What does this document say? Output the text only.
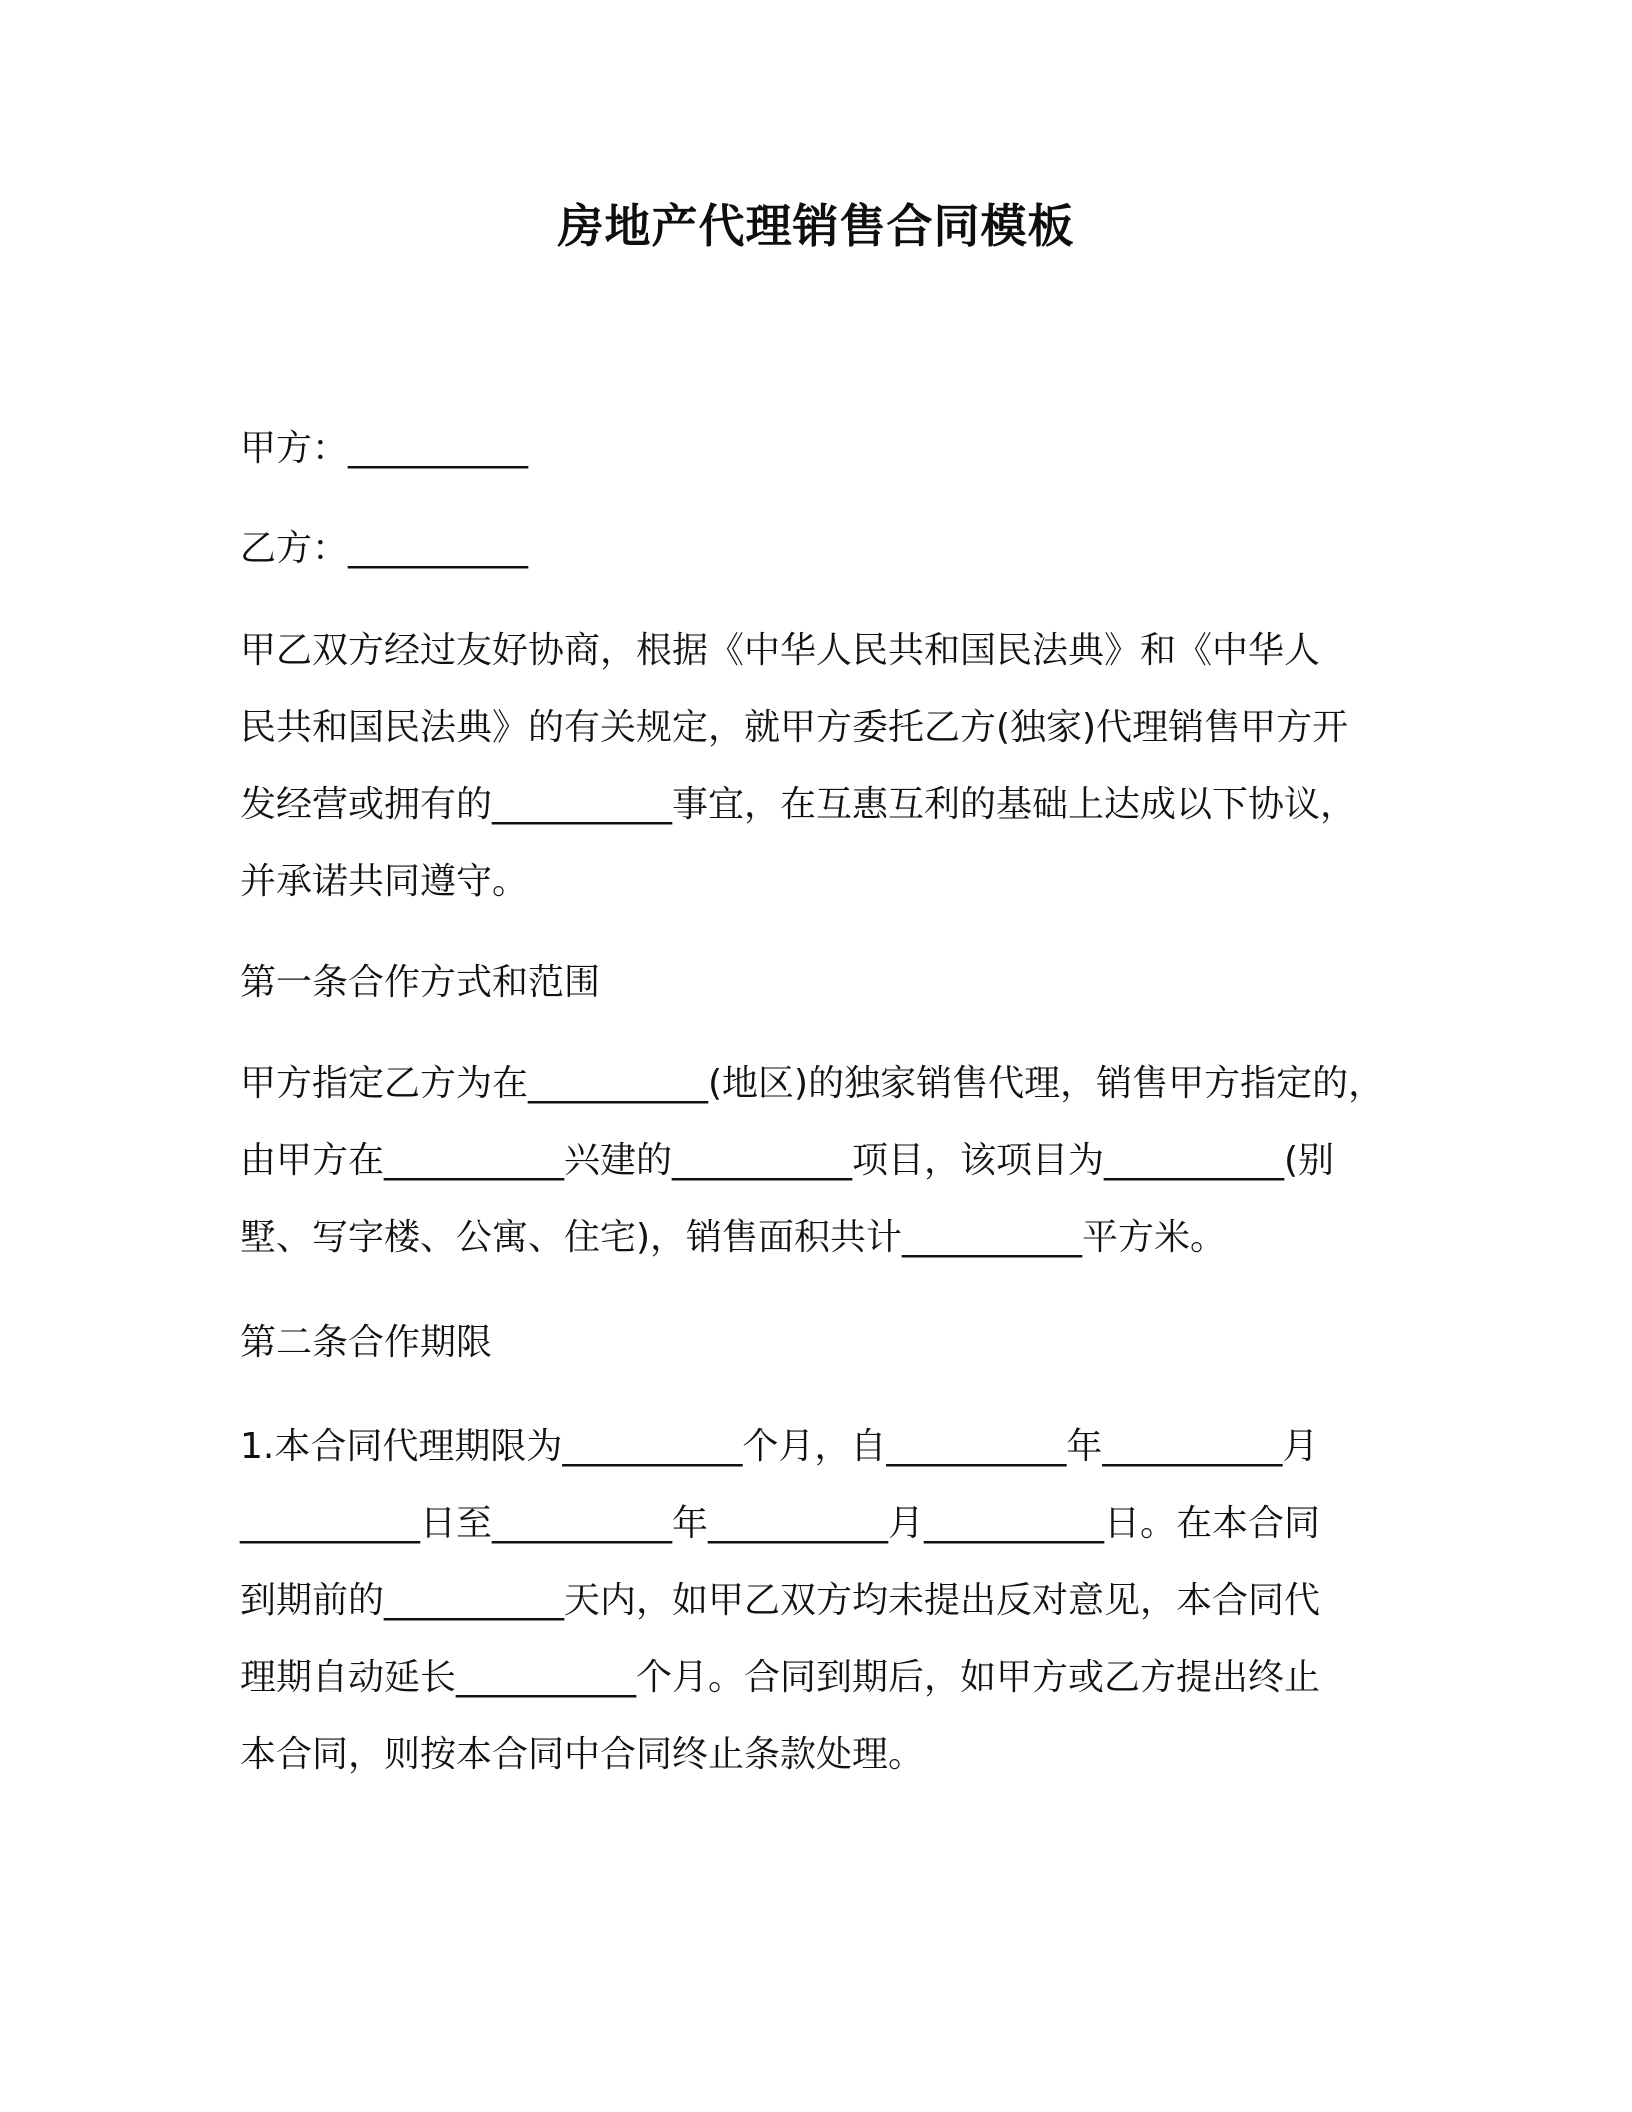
房地产代理销售合同模板
甲方：__________
乙方：__________
甲乙双方经过友好协商，根据《中华人民共和国民法典》和《中华人
民共和国民法典》的有关规定，就甲方委托乙方(独家)代理销售甲方开
发经营或拥有的__________事宜，在互惠互利的基础上达成以下协议，
并承诺共同遵守。
第一条合作方式和范围
甲方指定乙方为在__________(地区)的独家销售代理，销售甲方指定的，
由甲方在__________兴建的__________项目，该项目为__________(别
墅、写字楼、公寓、住宅)，销售面积共计__________平方米。
第二条合作期限
1.本合同代理期限为__________个月，自__________年__________月
__________日至__________年__________月__________日。在本合同
到期前的__________天内，如甲乙双方均未提出反对意见，本合同代
理期自动延长__________个月。合同到期后，如甲方或乙方提出终止
本合同，则按本合同中合同终止条款处理。
